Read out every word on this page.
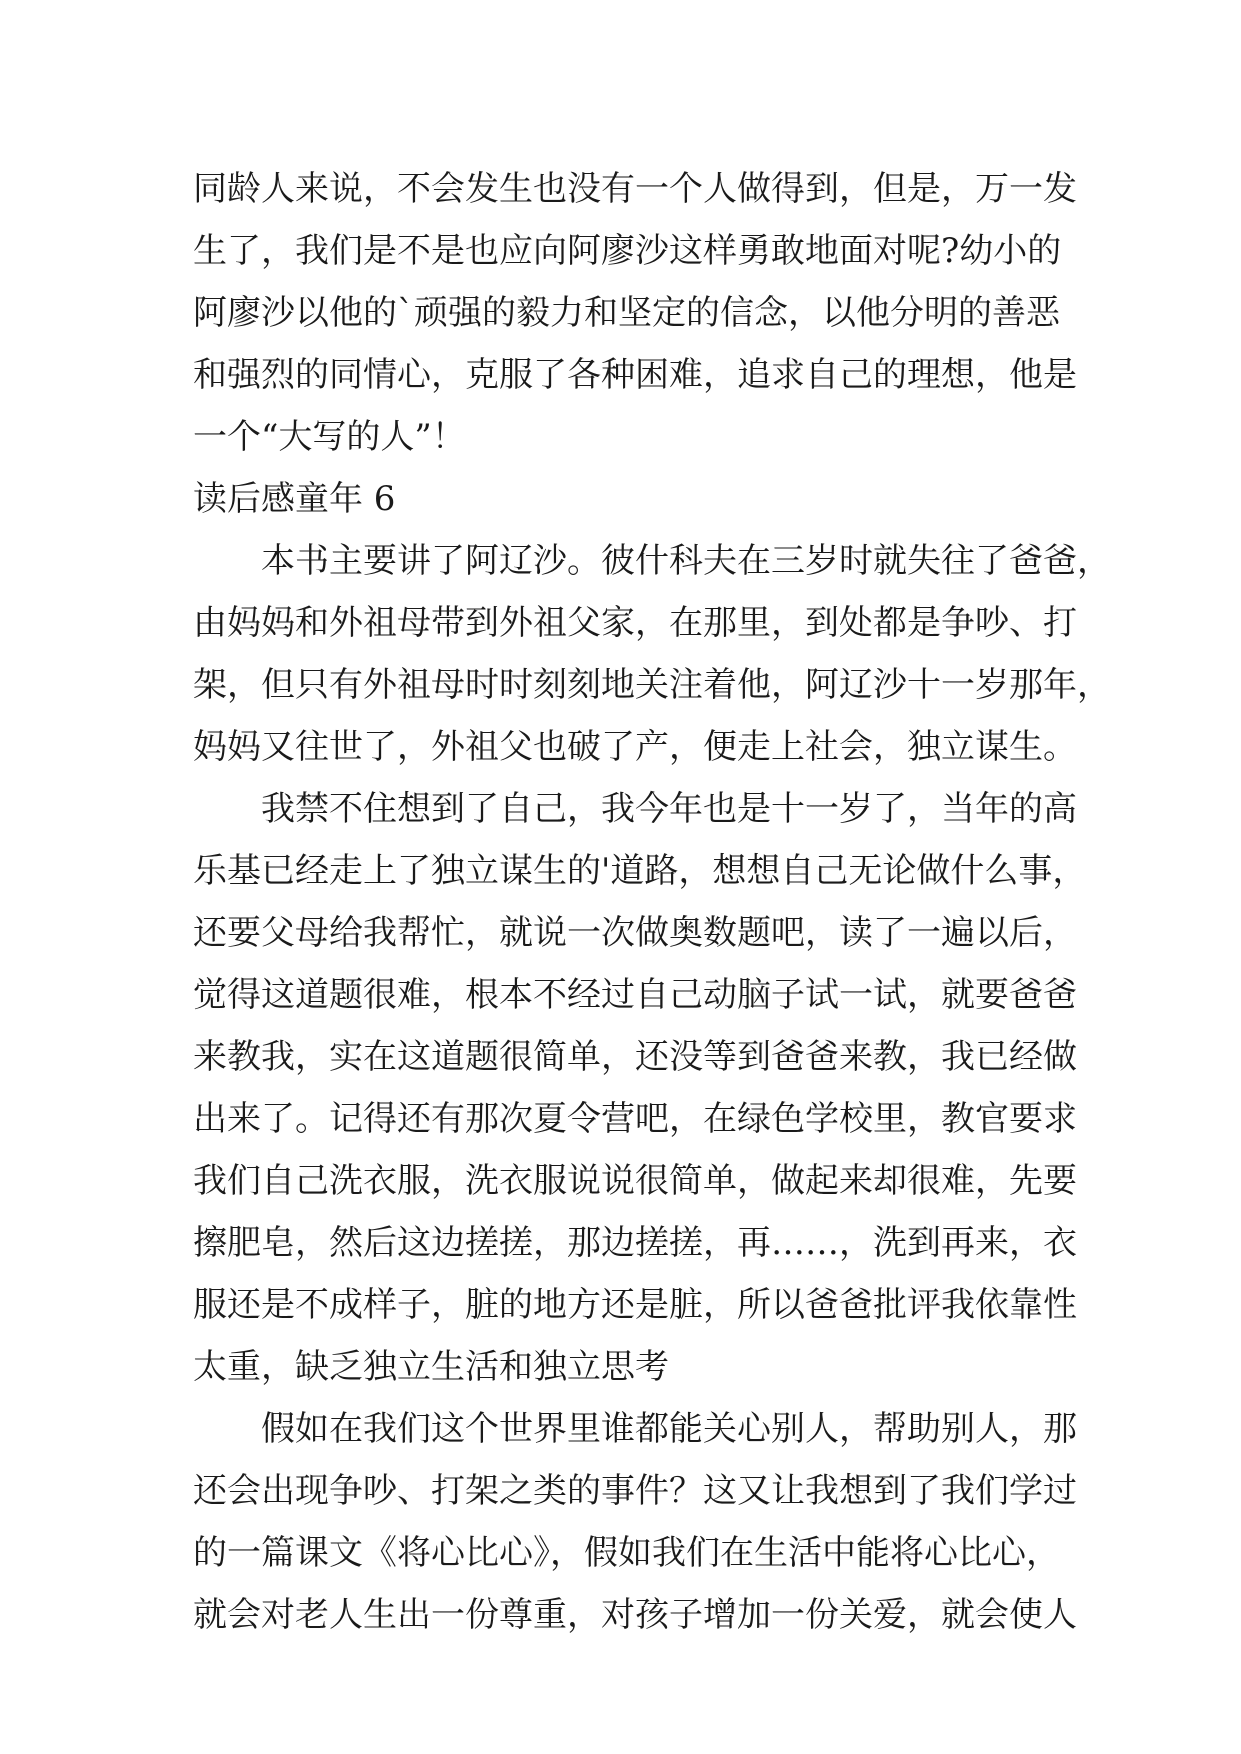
同龄人来说，不会发生也没有一个人做得到，但是，万一发
生了，我们是不是也应向阿廖沙这样勇敢地面对呢?幼小的
阿廖沙以他的`顽强的毅力和坚定的信念，以他分明的善恶
和强烈的同情心，克服了各种困难，追求自己的理想，他是
一个“大写的人”！
读后感童年 6
本书主要讲了阿辽沙。彼什科夫在三岁时就失往了爸爸，
由妈妈和外祖母带到外祖父家，在那里，到处都是争吵、打
架，但只有外祖母时时刻刻地关注着他，阿辽沙十一岁那年，
妈妈又往世了，外祖父也破了产，便走上社会，独立谋生。
我禁不住想到了自己，我今年也是十一岁了，当年的高
乐基已经走上了独立谋生的'道路，想想自己无论做什么事，
还要父母给我帮忙，就说一次做奥数题吧，读了一遍以后，
觉得这道题很难，根本不经过自己动脑子试一试，就要爸爸
来教我，实在这道题很简单，还没等到爸爸来教，我已经做
出来了。记得还有那次夏令营吧，在绿色学校里，教官要求
我们自己洗衣服，洗衣服说说很简单，做起来却很难，先要
擦肥皂，然后这边搓搓，那边搓搓，再……，洗到再来，衣
服还是不成样子，脏的地方还是脏，所以爸爸批评我依靠性
太重，缺乏独立生活和独立思考
假如在我们这个世界里谁都能关心别人，帮助别人，那
还会出现争吵、打架之类的事件？这又让我想到了我们学过
的一篇课文《将心比心》，假如我们在生活中能将心比心，
就会对老人生出一份尊重，对孩子增加一份关爱，就会使人
